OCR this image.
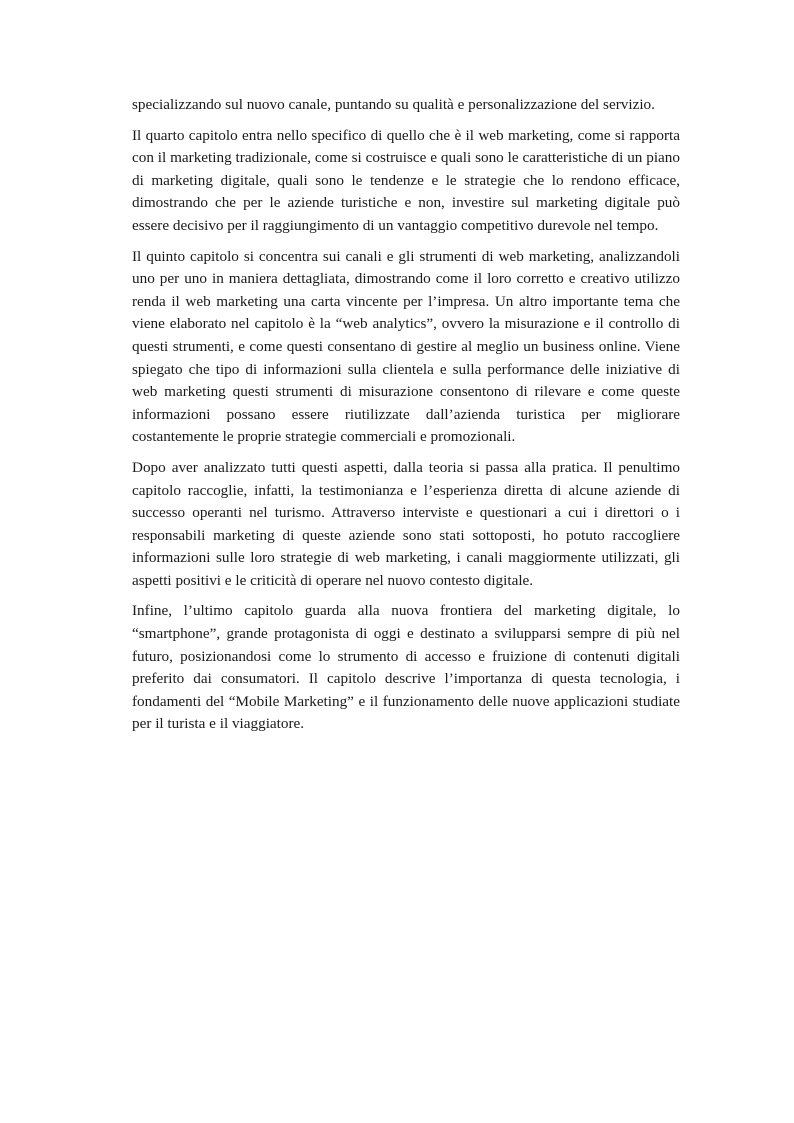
specializzando sul nuovo canale, puntando su qualità e personalizzazione del servizio.

Il quarto capitolo entra nello specifico di quello che è il web marketing, come si rapporta con il marketing tradizionale, come si costruisce e quali sono le caratteristiche di un piano di marketing digitale, quali sono le tendenze e le strategie che lo rendono efficace, dimostrando che per le aziende turistiche e non, investire sul marketing digitale può essere decisivo per il raggiungimento di un vantaggio competitivo durevole nel tempo.

Il quinto capitolo si concentra sui canali e gli strumenti di web marketing, analizzandoli uno per uno in maniera dettagliata, dimostrando come il loro corretto e creativo utilizzo renda il web marketing una carta vincente per l’impresa. Un altro importante tema che viene elaborato nel capitolo è la “web analytics”, ovvero la misurazione e il controllo di questi strumenti, e come questi consentano di gestire al meglio un business online. Viene spiegato che tipo di informazioni sulla clientela e sulla performance delle iniziative di web marketing questi strumenti di misurazione consentono di rilevare e come queste informazioni possano essere riutilizzate dall’azienda turistica per migliorare costantemente le proprie strategie commerciali e promozionali.

Dopo aver analizzato tutti questi aspetti, dalla teoria si passa alla pratica. Il penultimo capitolo raccoglie, infatti, la testimonianza e l’esperienza diretta di alcune aziende di successo operanti nel turismo. Attraverso interviste e questionari a cui i direttori o i responsabili marketing di queste aziende sono stati sottoposti, ho potuto raccogliere informazioni sulle loro strategie di web marketing, i canali maggiormente utilizzati, gli aspetti positivi e le criticità di operare nel nuovo contesto digitale.

Infine, l’ultimo capitolo guarda alla nuova frontiera del marketing digitale, lo “smartphone”, grande protagonista di oggi e destinato a svilupparsi sempre di più nel futuro, posizionandosi come lo strumento di accesso e fruizione di contenuti digitali preferito dai consumatori. Il capitolo descrive l’importanza di questa tecnologia, i fondamenti del “Mobile Marketing” e il funzionamento delle nuove applicazioni studiate per il turista e il viaggiatore.
